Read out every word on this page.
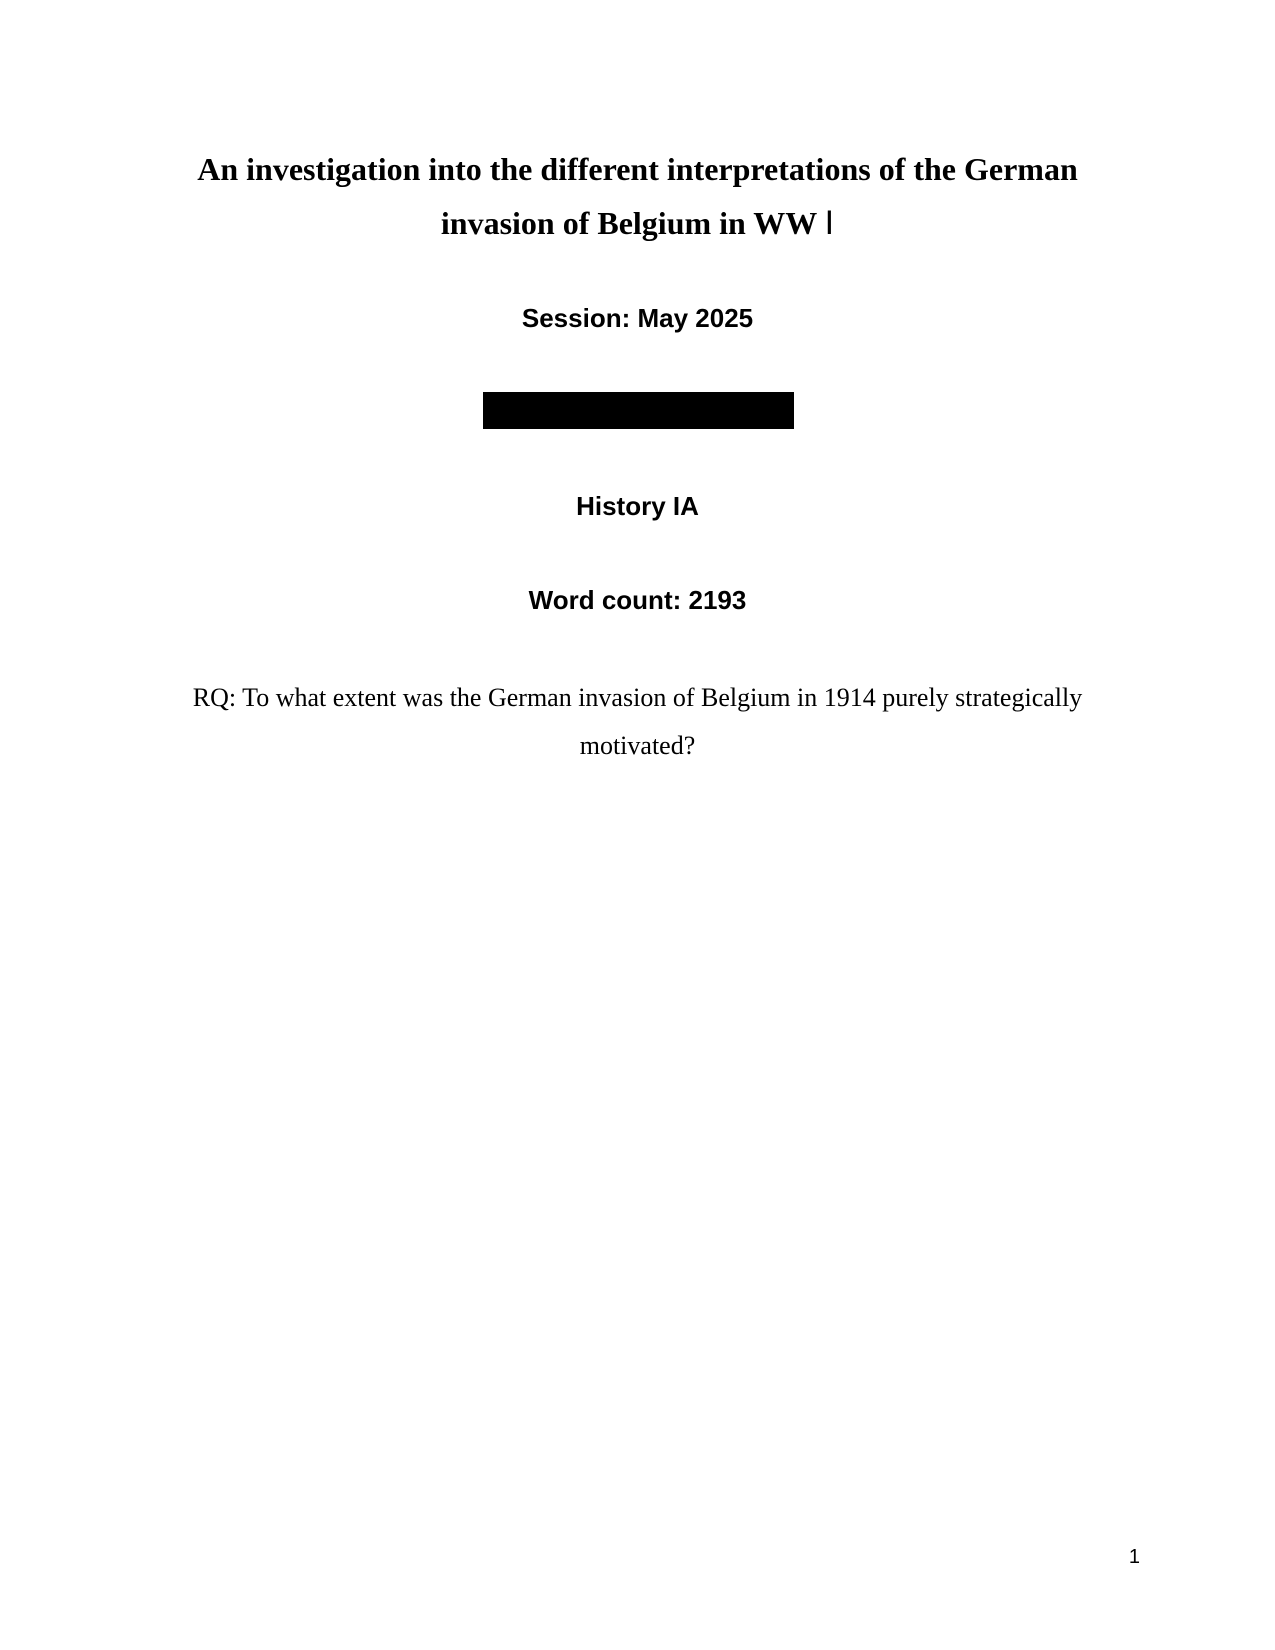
An investigation into the different interpretations of the German invasion of Belgium in WW Ⅰ

Session: May 2025

History IA

Word count: 2193

RQ: To what extent was the German invasion of Belgium in 1914 purely strategically motivated?

1
